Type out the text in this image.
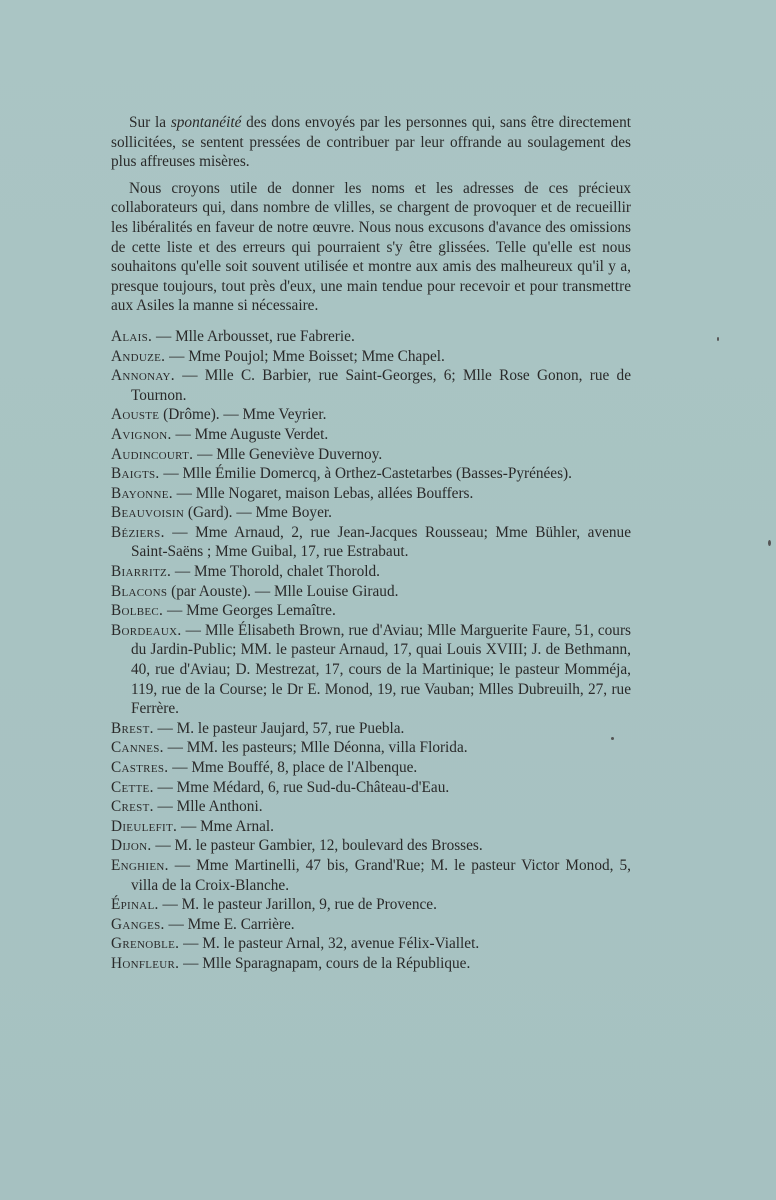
Sur la spontanéité des dons envoyés par les personnes qui, sans être directement sollicitées, se sentent pressées de contribuer par leur offrande au soulagement des plus affreuses misères.

Nous croyons utile de donner les noms et les adresses de ces précieux collaborateurs qui, dans nombre de vlilles, se chargent de provoquer et de recueillir les libéralités en faveur de notre œuvre. Nous nous excusons d'avance des omissions de cette liste et des erreurs qui pourraient s'y être glissées. Telle qu'elle est nous souhaitons qu'elle soit souvent utilisée et montre aux amis des malheureux qu'il y a, presque toujours, tout près d'eux, une main tendue pour recevoir et pour transmettre aux Asiles la manne si nécessaire.

Alais. — Mlle Arbousset, rue Fabrerie.

Anduze. — Mme Poujol; Mme Boisset; Mme Chapel.

Annonay. — Mlle C. Barbier, rue Saint-Georges, 6; Mlle Rose Gonon, rue de Tournon.

Aouste (Drôme). — Mme Veyrier.

Avignon. — Mme Auguste Verdet.

Audincourt. — Mlle Geneviève Duvernoy.

Baigts. — Mlle Émilie Domercq, à Orthez-Castetarbes (Basses-Pyrénées).

Bayonne. — Mlle Nogaret, maison Lebas, allées Bouffers.

Beauvoisin (Gard). — Mme Boyer.

Béziers. — Mme Arnaud, 2, rue Jean-Jacques Rousseau; Mme Bühler, avenue Saint-Saëns ; Mme Guibal, 17, rue Estrabaut.

Biarritz. — Mme Thorold, chalet Thorold.

Blacons (par Aouste). — Mlle Louise Giraud.

Bolbec. — Mme Georges Lemaître.

Bordeaux. — Mlle Élisabeth Brown, rue d'Aviau; Mlle Marguerite Faure, 51, cours du Jardin-Public; MM. le pasteur Arnaud, 17, quai Louis XVIII; J. de Bethmann, 40, rue d'Aviau; D. Mestrezat, 17, cours de la Martinique; le pasteur Momméja, 119, rue de la Course; le Dr E. Monod, 19, rue Vauban; Mlles Dubreuilh, 27, rue Ferrère.

Brest. — M. le pasteur Jaujard, 57, rue Puebla.

Cannes. — MM. les pasteurs; Mlle Déonna, villa Florida.

Castres. — Mme Bouffé, 8, place de l'Albenque.

Cette. — Mme Médard, 6, rue Sud-du-Château-d'Eau.

Crest. — Mlle Anthoni.

Dieulefit. — Mme Arnal.

Dijon. — M. le pasteur Gambier, 12, boulevard des Brosses.

Enghien. — Mme Martinelli, 47 bis, Grand'Rue; M. le pasteur Victor Monod, 5, villa de la Croix-Blanche.

Épinal. — M. le pasteur Jarillon, 9, rue de Provence.

Ganges. — Mme E. Carrière.

Grenoble. — M. le pasteur Arnal, 32, avenue Félix-Viallet.

Honfleur. — Mlle Sparagnapam, cours de la République.
